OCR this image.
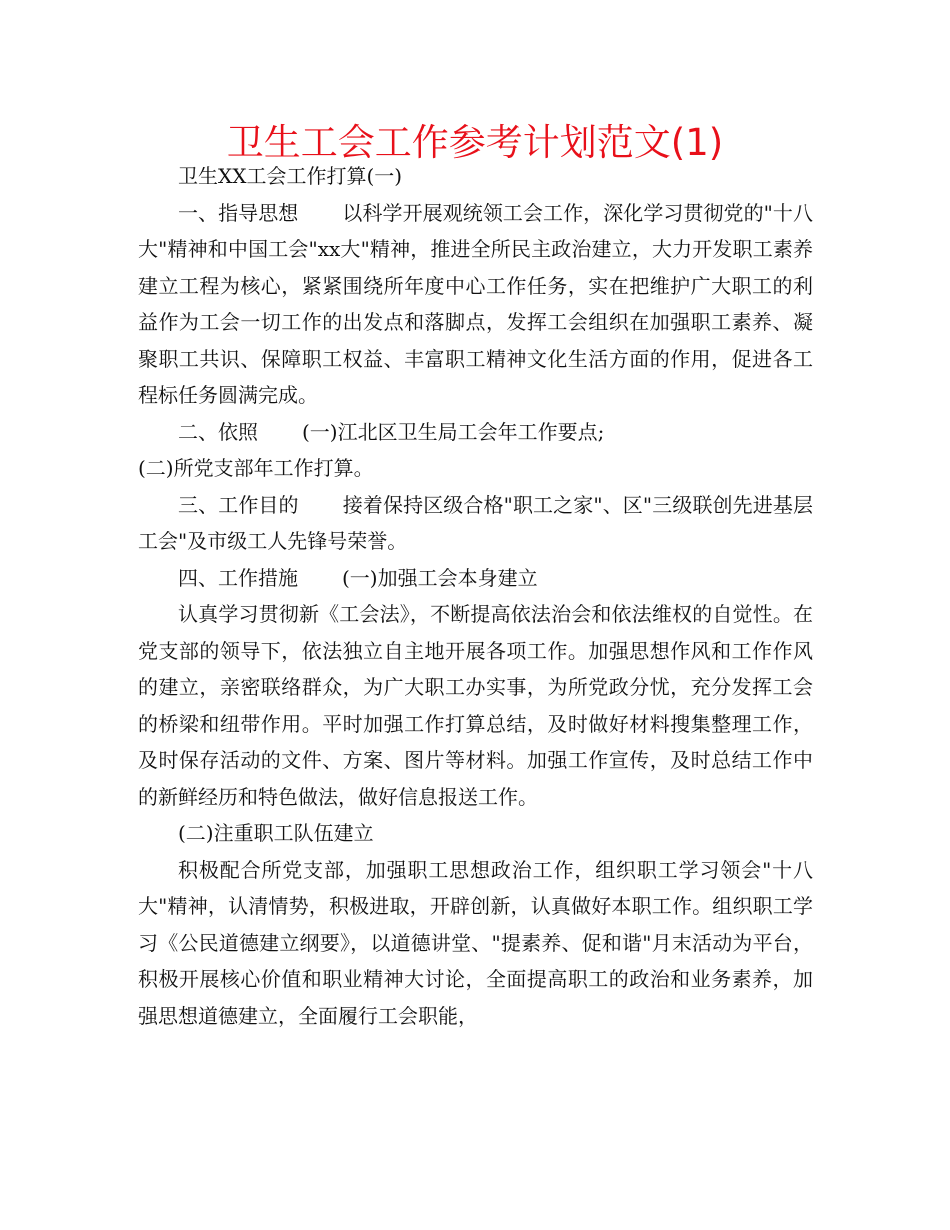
卫生工会工作参考计划范文(1)

卫生XX工会工作打算(一)

一、指导思想 以科学开展观统领工会工作，深化学习贯彻党的"十八大"精神和中国工会"xx大"精神，推进全所民主政治建立，大力开发职工素养建立工程为核心，紧紧围绕所年度中心工作任务，实在把维护广大职工的利益作为工会一切工作的出发点和落脚点，发挥工会组织在加强职工素养、凝聚职工共识、保障职工权益、丰富职工精神文化生活方面的作用，促进各工程标任务圆满完成。

二、依照 (一)江北区卫生局工会年工作要点;

(二)所党支部年工作打算。

三、工作目的 接着保持区级合格"职工之家"、区"三级联创先进基层工会"及市级工人先锋号荣誉。

四、工作措施 (一)加强工会本身建立

认真学习贯彻新《工会法》，不断提高依法治会和依法维权的自觉性。在党支部的领导下，依法独立自主地开展各项工作。加强思想作风和工作作风的建立，亲密联络群众，为广大职工办实事，为所党政分忧，充分发挥工会的桥梁和纽带作用。平时加强工作打算总结，及时做好材料搜集整理工作，及时保存活动的文件、方案、图片等材料。加强工作宣传，及时总结工作中的新鲜经历和特色做法，做好信息报送工作。

(二)注重职工队伍建立

积极配合所党支部，加强职工思想政治工作，组织职工学习领会"十八大"精神，认清情势，积极进取，开辟创新，认真做好本职工作。组织职工学习《公民道德建立纲要》，以道德讲堂、"提素养、促和谐"月末活动为平台，积极开展核心价值和职业精神大讨论，全面提高职工的政治和业务素养，加强思想道德建立，全面履行工会职能，
